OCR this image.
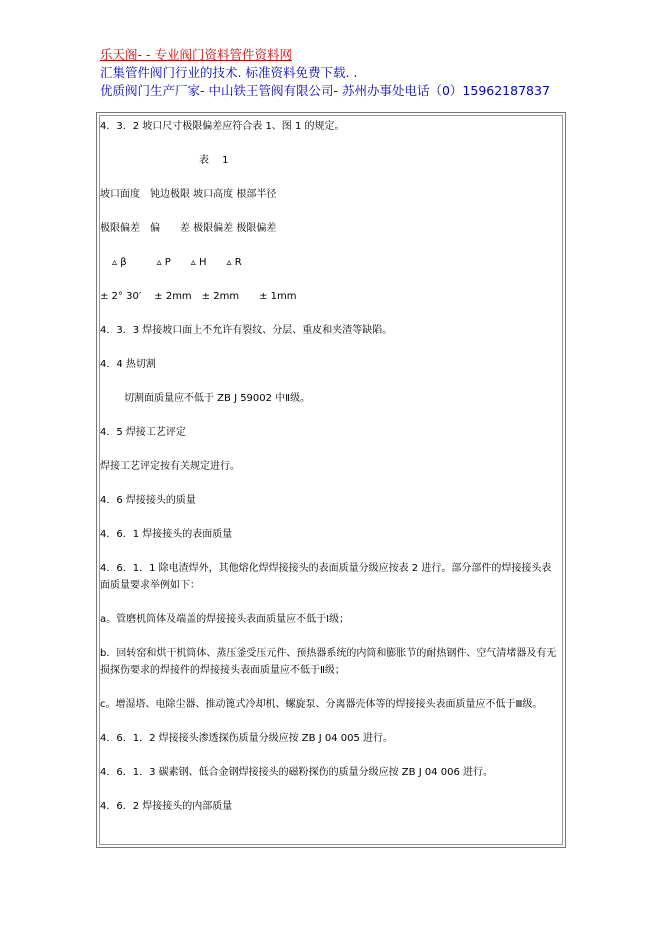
乐天阁- - 专业阀门资料管件资料网
汇集管件阀门行业的技术. 标准资料免费下载. .
优质阀门生产厂家- 中山铁王管阀有限公司- 苏州办事处电话（0）15962187837
4．3．2 坡口尺寸极限偏差应符合表 1、图 1 的规定。
表　 1
坡口面度　钝边极限 坡口高度 根部半径
极限偏差　偏　　差 极限偏差 极限偏差
▵ β　　　▵ P　　▵ H　　▵ R
± 2° 30′　 ± 2mm　± 2mm　　± 1mm
4．3．3 焊接坡口面上不允许有裂纹、分层、重皮和夹渣等缺陷。
4．4 热切割
切割面质量应不低于 ZB J 59002 中Ⅱ级。
4．5 焊接工艺评定
焊接工艺评定按有关规定进行。
4．6 焊接接头的质量
4．6．1 焊接接头的表面质量
4．6．1．1 除电渣焊外，其他熔化焊焊接接头的表面质量分级应按表 2 进行。部分部件的焊接接头表面质量要求举例如下：
a。管磨机筒体及端盖的焊接接头表面质量应不低于Ⅰ级；
b．回转窑和烘干机筒体、蒸压釜受压元件、预热器系统的内筒和膨胀节的耐热钢件、空气清堵器及有无损探伤要求的焊接件的焊接接头表面质量应不低于Ⅱ级；
c。增湿塔、电除尘器、推动篦式冷却机、螺旋泵、分离器壳体等的焊接接头表面质量应不低于Ⅲ级。
4．6．1．2 焊接接头渗透探伤质量分级应按 ZB J 04 005 进行。
4．6．1．3 碳素钢、低合金钢焊接接头的磁粉探伤的质量分级应按 ZB J 04 006 进行。
4．6．2 焊接接头的内部质量
